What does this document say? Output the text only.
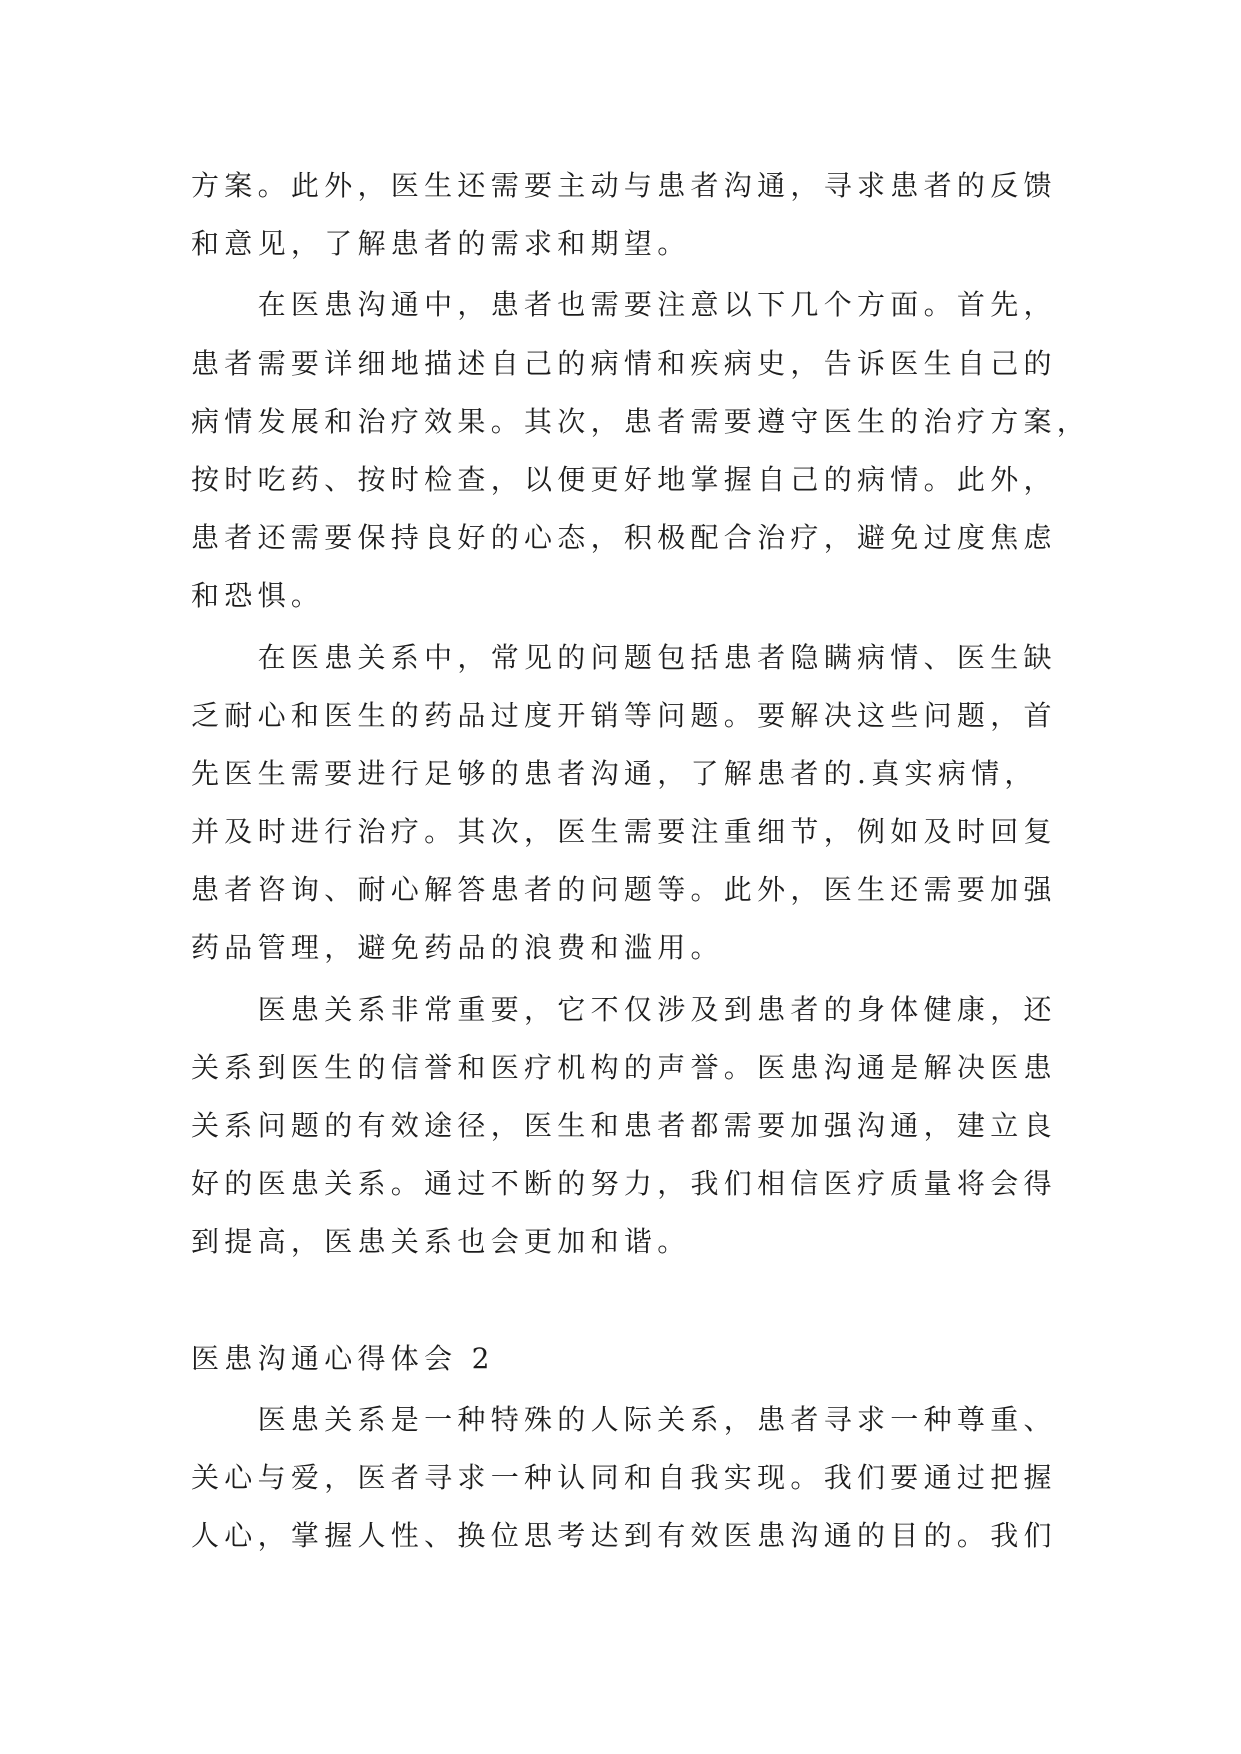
方案。此外，医生还需要主动与患者沟通，寻求患者的反馈
和意见，了解患者的需求和期望。
在医患沟通中，患者也需要注意以下几个方面。首先，
患者需要详细地描述自己的病情和疾病史，告诉医生自己的
病情发展和治疗效果。其次，患者需要遵守医生的治疗方案，
按时吃药、按时检查，以便更好地掌握自己的病情。此外，
患者还需要保持良好的心态，积极配合治疗，避免过度焦虑
和恐惧。
在医患关系中，常见的问题包括患者隐瞒病情、医生缺
乏耐心和医生的药品过度开销等问题。要解决这些问题，首
先医生需要进行足够的患者沟通，了解患者的.真实病情，
并及时进行治疗。其次，医生需要注重细节，例如及时回复
患者咨询、耐心解答患者的问题等。此外，医生还需要加强
药品管理，避免药品的浪费和滥用。
医患关系非常重要，它不仅涉及到患者的身体健康，还
关系到医生的信誉和医疗机构的声誉。医患沟通是解决医患
关系问题的有效途径，医生和患者都需要加强沟通，建立良
好的医患关系。通过不断的努力，我们相信医疗质量将会得
到提高，医患关系也会更加和谐。
医患沟通心得体会 2
医患关系是一种特殊的人际关系，患者寻求一种尊重、
关心与爱，医者寻求一种认同和自我实现。我们要通过把握
人心，掌握人性、换位思考达到有效医患沟通的目的。我们
